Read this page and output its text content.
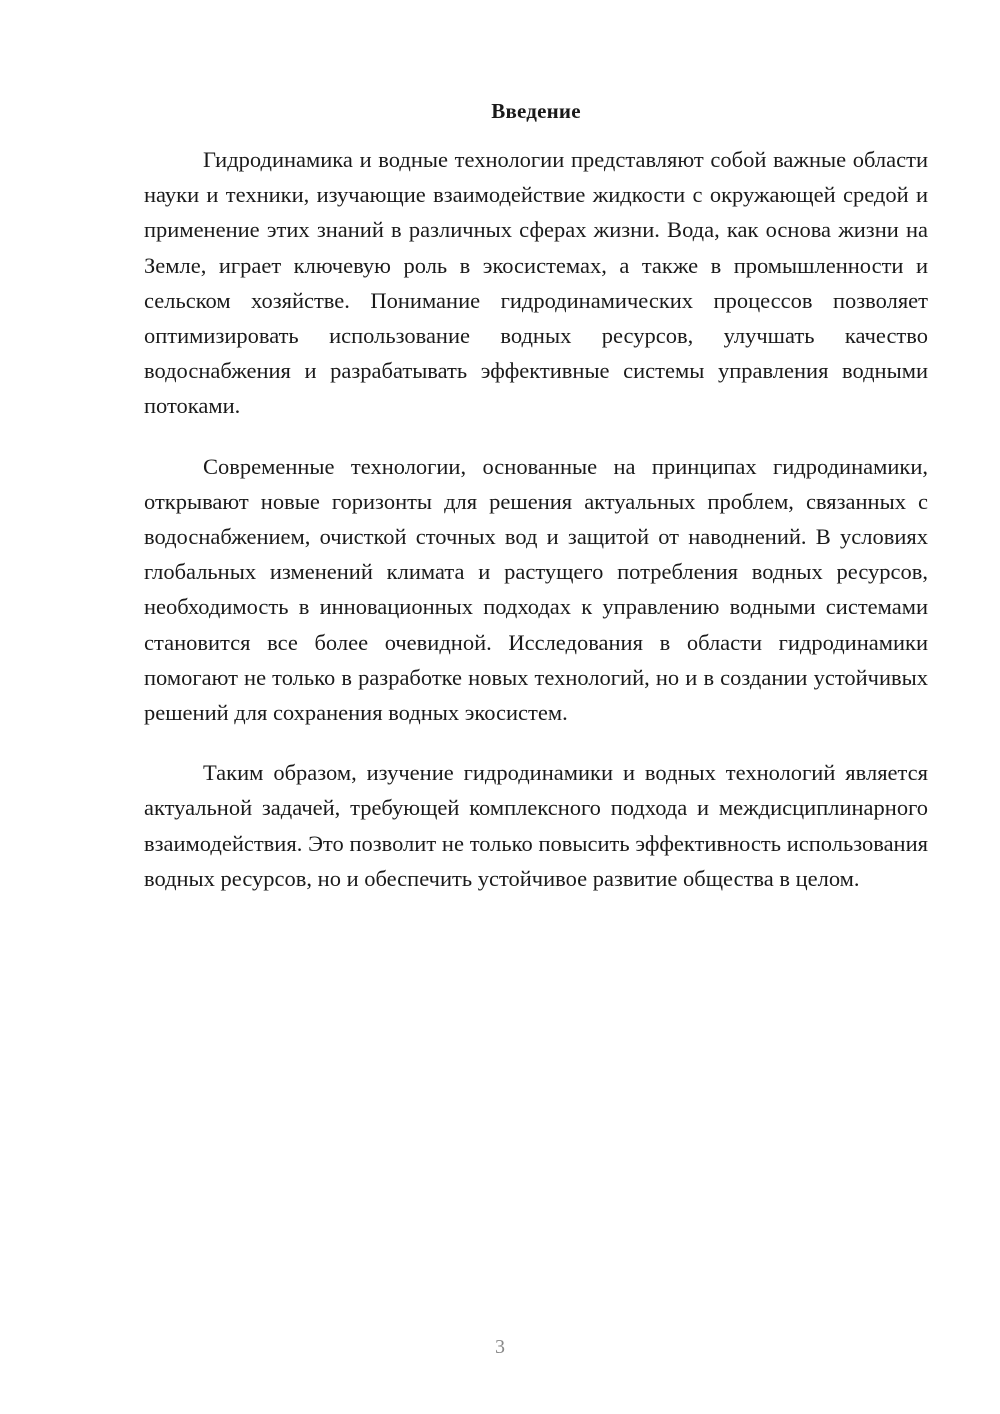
Введение

Гидродинамика и водные технологии представляют собой важные области науки и техники, изучающие взаимодействие жидкости с окружающей средой и применение этих знаний в различных сферах жизни. Вода, как основа жизни на Земле, играет ключевую роль в экосистемах, а также в промышленности и сельском хозяйстве. Понимание гидродинамических процессов позволяет оптимизировать использование водных ресурсов, улучшать качество водоснабжения и разрабатывать эффективные системы управления водными потоками.

Современные технологии, основанные на принципах гидродинамики, открывают новые горизонты для решения актуальных проблем, связанных с водоснабжением, очисткой сточных вод и защитой от наводнений. В условиях глобальных изменений климата и растущего потребления водных ресурсов, необходимость в инновационных подходах к управлению водными системами становится все более очевидной. Исследования в области гидродинамики помогают не только в разработке новых технологий, но и в создании устойчивых решений для сохранения водных экосистем.

Таким образом, изучение гидродинамики и водных технологий является актуальной задачей, требующей комплексного подхода и междисциплинарного взаимодействия. Это позволит не только повысить эффективность использования водных ресурсов, но и обеспечить устойчивое развитие общества в целом.

3
